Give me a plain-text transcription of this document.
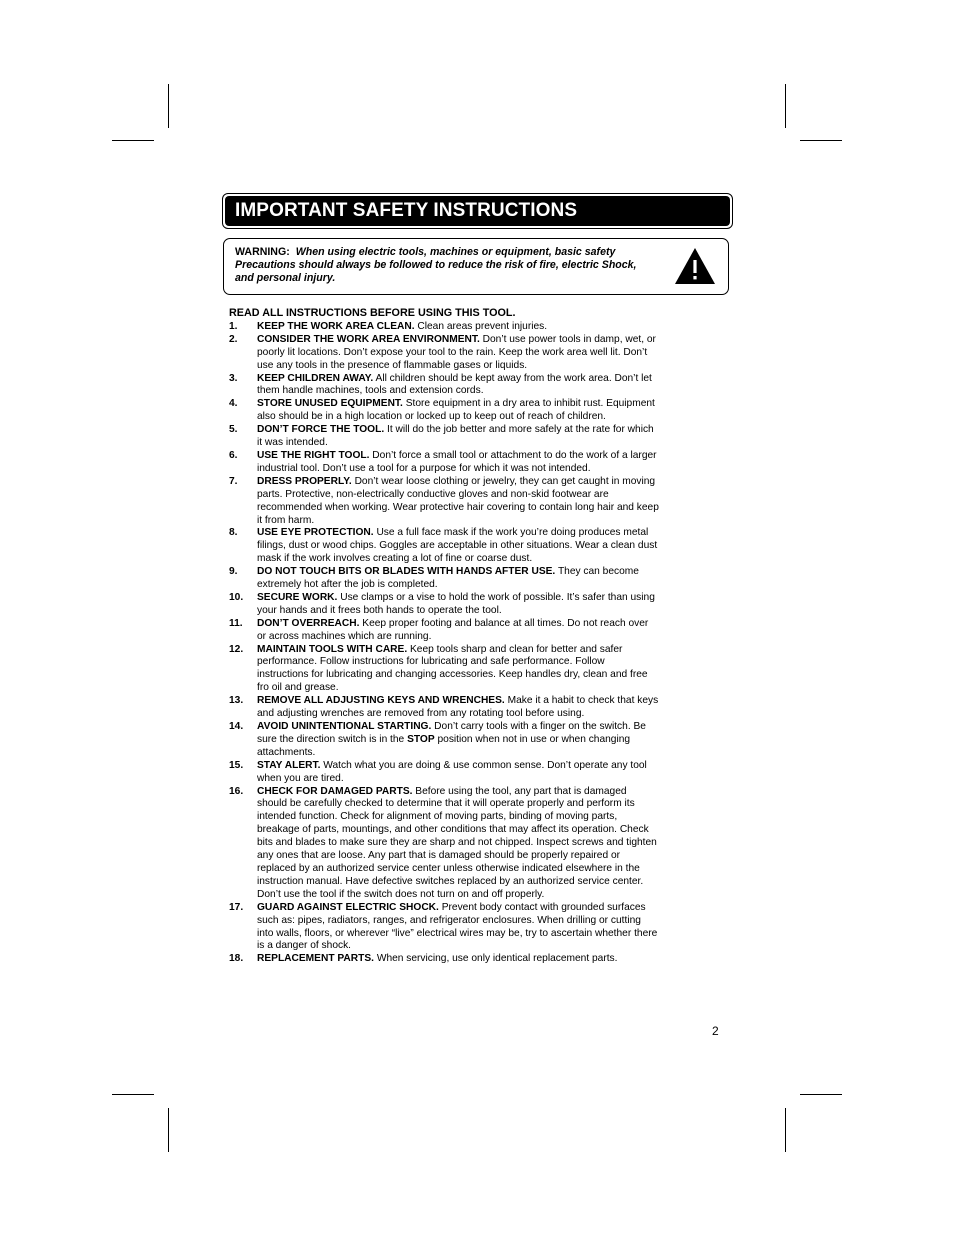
IMPORTANT SAFETY INSTRUCTIONS
WARNING: When using electric tools, machines or equipment, basic safety Precautions should always be followed to reduce the risk of fire, electric Shock, and personal injury.
READ ALL INSTRUCTIONS BEFORE USING THIS TOOL.
1. KEEP THE WORK AREA CLEAN. Clean areas prevent injuries.
2. CONSIDER THE WORK AREA ENVIRONMENT. Don’t use power tools in damp, wet, or poorly lit locations. Don’t expose your tool to the rain. Keep the work area well lit. Don’t use any tools in the presence of flammable gases or liquids.
3. KEEP CHILDREN AWAY. All children should be kept away from the work area. Don’t let them handle machines, tools and extension cords.
4. STORE UNUSED EQUIPMENT. Store equipment in a dry area to inhibit rust. Equipment also should be in a high location or locked up to keep out of reach of children.
5. DON’T FORCE THE TOOL. It will do the job better and more safely at the rate for which it was intended.
6. USE THE RIGHT TOOL. Don’t force a small tool or attachment to do the work of a larger industrial tool. Don’t use a tool for a purpose for which it was not intended.
7. DRESS PROPERLY. Don’t wear loose clothing or jewelry, they can get caught in moving parts. Protective, non-electrically conductive gloves and non-skid footwear are recommended when working. Wear protective hair covering to contain long hair and keep it from harm.
8. USE EYE PROTECTION. Use a full face mask if the work you’re doing produces metal filings, dust or wood chips. Goggles are acceptable in other situations. Wear a clean dust mask if the work involves creating a lot of fine or coarse dust.
9. DO NOT TOUCH BITS OR BLADES WITH HANDS AFTER USE. They can become extremely hot after the job is completed.
10. SECURE WORK. Use clamps or a vise to hold the work of possible. It’s safer than using your hands and it frees both hands to operate the tool.
11. DON’T OVERREACH. Keep proper footing and balance at all times. Do not reach over or across machines which are running.
12. MAINTAIN TOOLS WITH CARE. Keep tools sharp and clean for better and safer performance. Follow instructions for lubricating and safe performance. Follow instructions for lubricating and changing accessories. Keep handles dry, clean and free fro oil and grease.
13. REMOVE ALL ADJUSTING KEYS AND WRENCHES. Make it a habit to check that keys and adjusting wrenches are removed from any rotating tool before using.
14. AVOID UNINTENTIONAL STARTING. Don’t carry tools with a finger on the switch. Be sure the direction switch is in the STOP position when not in use or when changing attachments.
15. STAY ALERT. Watch what you are doing & use common sense. Don’t operate any tool when you are tired.
16. CHECK FOR DAMAGED PARTS. Before using the tool, any part that is damaged should be carefully checked to determine that it will operate properly and perform its intended function. Check for alignment of moving parts, binding of moving parts, breakage of parts, mountings, and other conditions that may affect its operation. Check bits and blades to make sure they are sharp and not chipped. Inspect screws and tighten any ones that are loose. Any part that is damaged should be properly repaired or replaced by an authorized service center unless otherwise indicated elsewhere in the instruction manual. Have defective switches replaced by an authorized service center. Don’t use the tool if the switch does not turn on and off properly.
17. GUARD AGAINST ELECTRIC SHOCK. Prevent body contact with grounded surfaces such as: pipes, radiators, ranges, and refrigerator enclosures. When drilling or cutting into walls, floors, or wherever “live” electrical wires may be, try to ascertain whether there is a danger of shock.
18. REPLACEMENT PARTS. When servicing, use only identical replacement parts.
2
